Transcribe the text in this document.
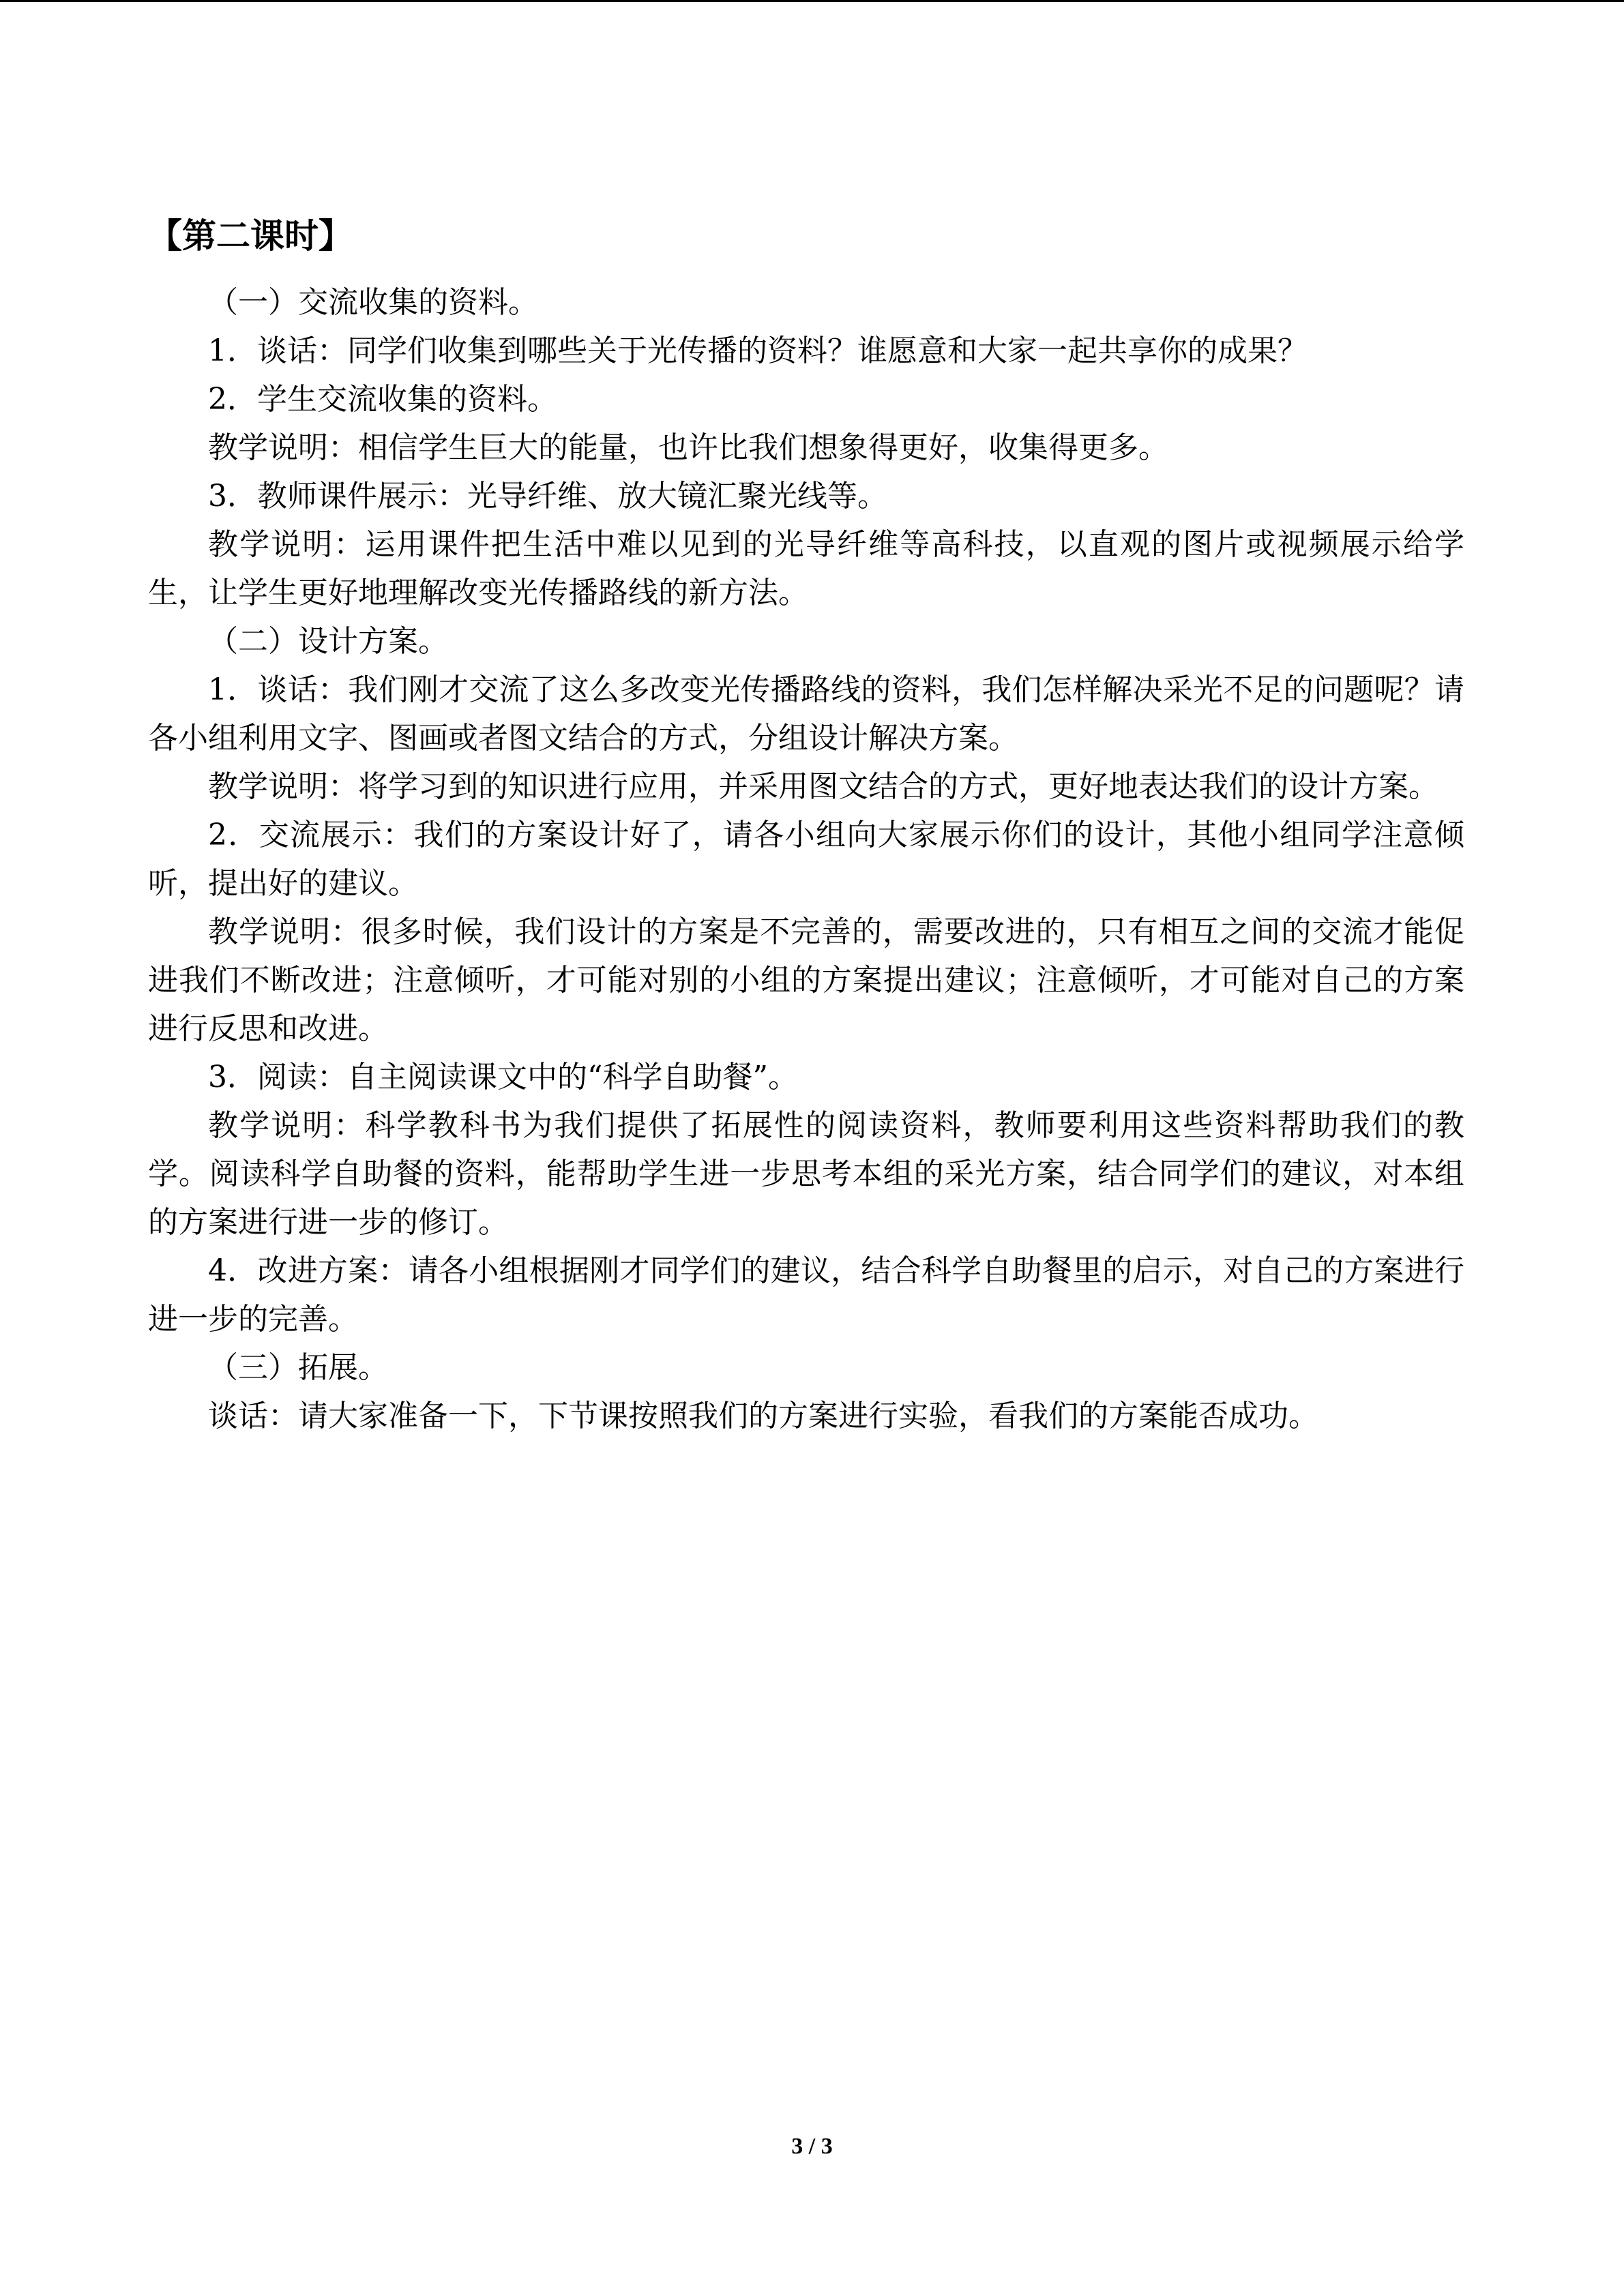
【第二课时】

（一）交流收集的资料。

1．谈话：同学们收集到哪些关于光传播的资料？谁愿意和大家一起共享你的成果？

2．学生交流收集的资料。

教学说明：相信学生巨大的能量，也许比我们想象得更好，收集得更多。

3．教师课件展示：光导纤维、放大镜汇聚光线等。

教学说明：运用课件把生活中难以见到的光导纤维等高科技，以直观的图片或视频展示给学生，让学生更好地理解改变光传播路线的新方法。

（二）设计方案。

1．谈话：我们刚才交流了这么多改变光传播路线的资料，我们怎样解决采光不足的问题呢？请各小组利用文字、图画或者图文结合的方式，分组设计解决方案。

教学说明：将学习到的知识进行应用，并采用图文结合的方式，更好地表达我们的设计方案。

2．交流展示：我们的方案设计好了，请各小组向大家展示你们的设计，其他小组同学注意倾听，提出好的建议。

教学说明：很多时候，我们设计的方案是不完善的，需要改进的，只有相互之间的交流才能促进我们不断改进；注意倾听，才可能对别的小组的方案提出建议；注意倾听，才可能对自己的方案进行反思和改进。

3．阅读：自主阅读课文中的“科学自助餐”。

教学说明：科学教科书为我们提供了拓展性的阅读资料，教师要利用这些资料帮助我们的教学。阅读科学自助餐的资料，能帮助学生进一步思考本组的采光方案，结合同学们的建议，对本组的方案进行进一步的修订。

4．改进方案：请各小组根据刚才同学们的建议，结合科学自助餐里的启示，对自己的方案进行进一步的完善。

（三）拓展。

谈话：请大家准备一下，下节课按照我们的方案进行实验，看我们的方案能否成功。

3 / 3
